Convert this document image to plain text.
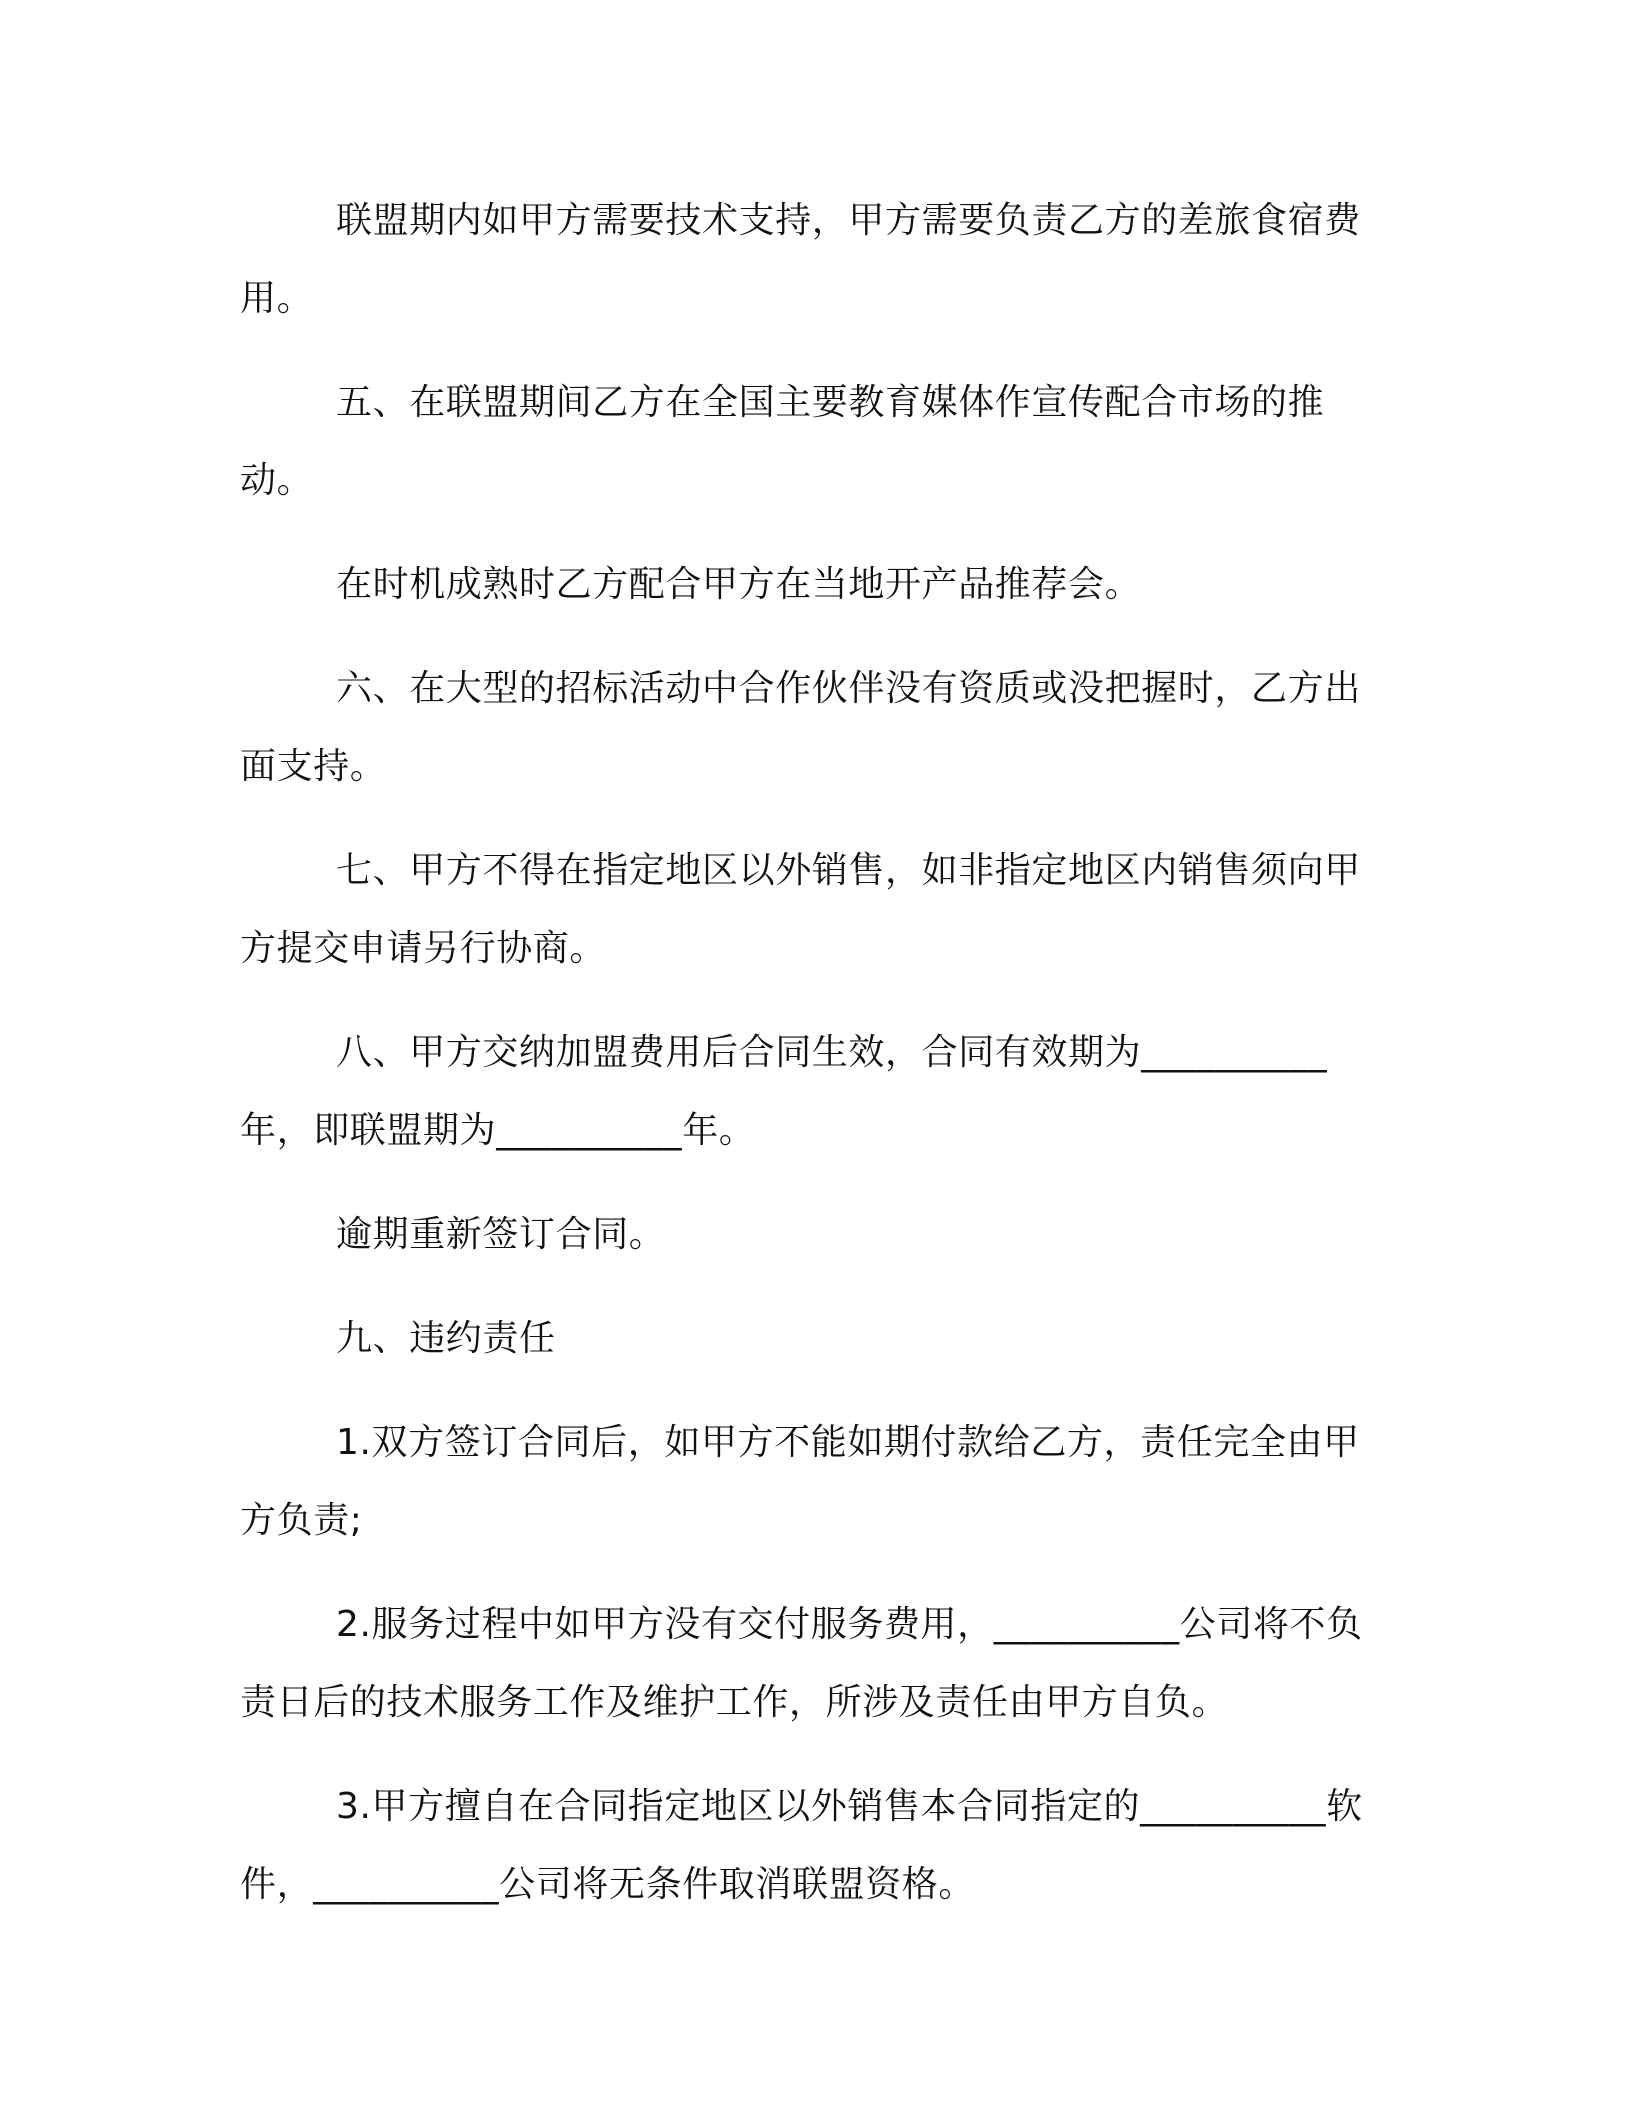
联盟期内如甲方需要技术支持，甲方需要负责乙方的差旅食宿费用。

五、在联盟期间乙方在全国主要教育媒体作宣传配合市场的推动。

在时机成熟时乙方配合甲方在当地开产品推荐会。

六、在大型的招标活动中合作伙伴没有资质或没把握时，乙方出面支持。

七、甲方不得在指定地区以外销售，如非指定地区内销售须向甲方提交申请另行协商。

八、甲方交纳加盟费用后合同生效，合同有效期为__________年，即联盟期为__________年。

逾期重新签订合同。

九、违约责任

1.双方签订合同后，如甲方不能如期付款给乙方，责任完全由甲方负责;

2.服务过程中如甲方没有交付服务费用，__________公司将不负责日后的技术服务工作及维护工作，所涉及责任由甲方自负。

3.甲方擅自在合同指定地区以外销售本合同指定的__________软件，__________公司将无条件取消联盟资格。
